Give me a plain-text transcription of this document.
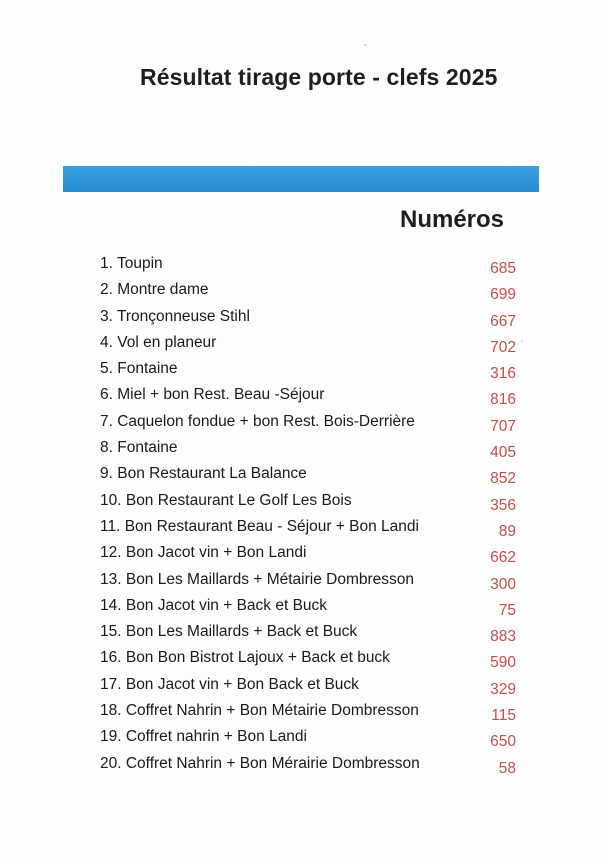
Résultat tirage porte - clefs 2025
Numéros
1. Toupin	685
2. Montre dame	699
3. Tronçonneuse Stihl	667
4. Vol en planeur	702
5. Fontaine	316
6. Miel + bon Rest. Beau -Séjour	816
7. Caquelon fondue + bon Rest. Bois-Derrière	707
8. Fontaine	405
9. Bon Restaurant La Balance	852
10. Bon Restaurant Le Golf Les Bois	356
11. Bon Restaurant Beau - Séjour + Bon Landi	89
12. Bon Jacot vin + Bon Landi	662
13. Bon Les Maillards + Métairie Dombresson	300
14. Bon Jacot vin + Back et Buck	75
15. Bon Les Maillards + Back et Buck	883
16. Bon Bon Bistrot Lajoux + Back et buck	590
17. Bon Jacot vin + Bon Back et Buck	329
18. Coffret Nahrin + Bon Métairie Dombresson	115
19. Coffret nahrin + Bon Landi	650
20. Coffret Nahrin + Bon Mérairie Dombresson	58
